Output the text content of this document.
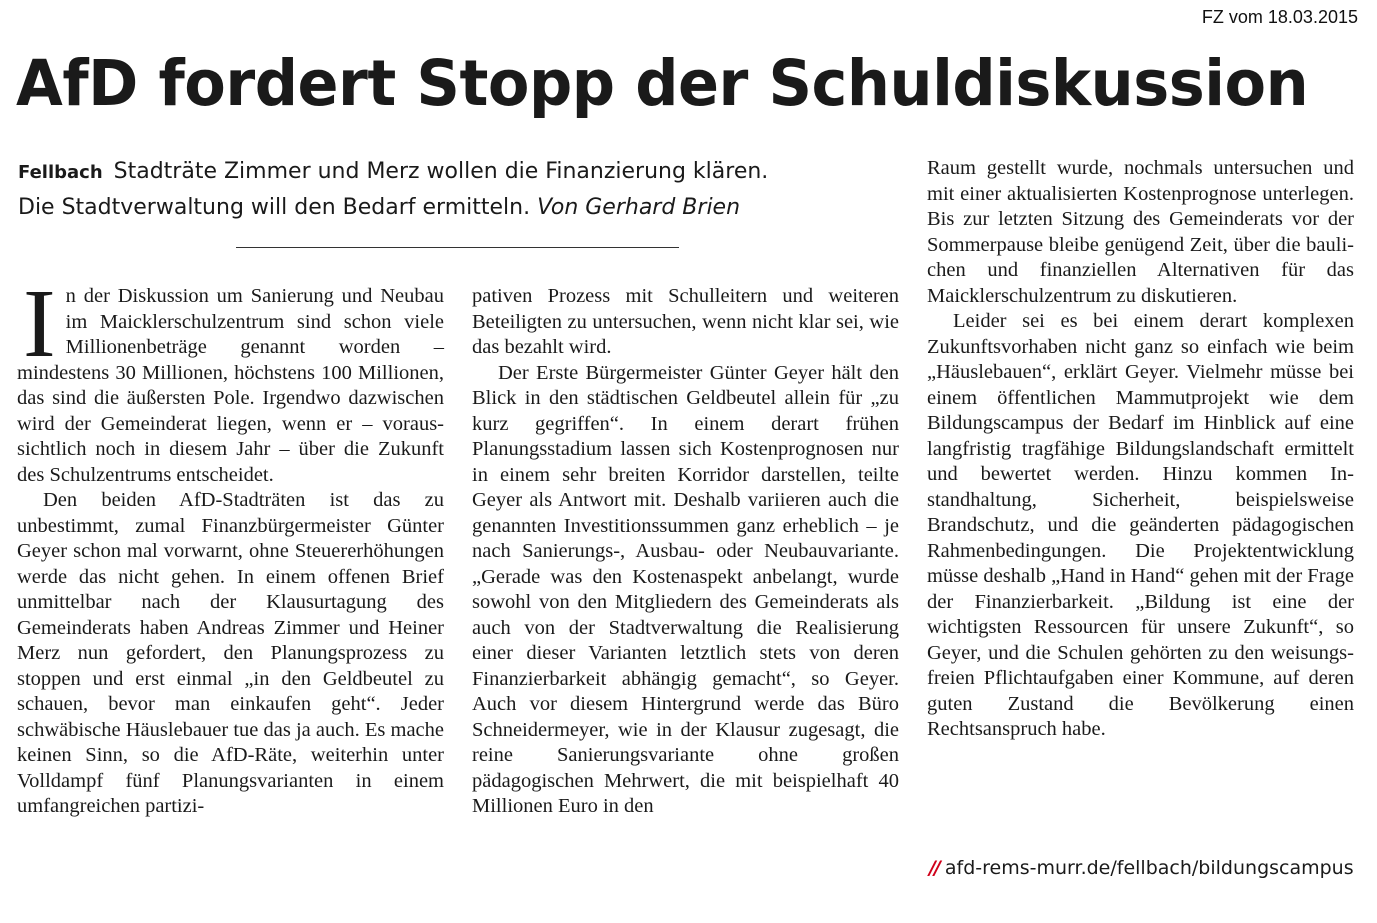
FZ vom 18.03.2015
AfD fordert Stopp der Schuldiskussion
Fellbach Stadträte Zimmer und Merz wollen die Finanzierung klären.
Die Stadtverwaltung will den Bedarf ermitteln. Von Gerhard Brien

In der Diskussion um Sanierung und Neubau im Maicklerschulzentrum sind schon viele Millionenbeträge genannt worden – mindestens 30 Millionen, höchstens 100 Millionen, das sind die äußersten Pole. Irgendwo dazwischen wird der Gemeinderat liegen, wenn er – voraussichtlich noch in diesem Jahr – über die Zukunft des Schulzentrums entscheidet.

Den beiden AfD-Stadträten ist das zu unbestimmt, zumal Finanzbürgermeister Günter Geyer schon mal vorwarnt, ohne Steuererhöhungen werde das nicht gehen. In einem offenen Brief unmittelbar nach der Klausurtagung des Gemeinderats haben Andreas Zimmer und Heiner Merz nun gefordert, den Planungsprozess zu stoppen und erst einmal „in den Geldbeutel zu schauen, bevor man einkaufen geht“. Jeder schwäbische Häuslebauer tue das ja auch. Es mache keinen Sinn, so die AfD-Räte, weiterhin unter Volldampf fünf Planungsvarianten in einem umfangreichen partizi-

pativen Prozess mit Schulleitern und weiteren Beteiligten zu untersuchen, wenn nicht klar sei, wie das bezahlt wird.

Der Erste Bürgermeister Günter Geyer hält den Blick in den städtischen Geldbeutel allein für „zu kurz gegriffen“. In einem derart frühen Planungsstadium lassen sich Kostenprognosen nur in einem sehr breiten Korridor darstellen, teilte Geyer als Antwort mit. Deshalb variieren auch die genannten Investitionssummen ganz erheblich – je nach Sanierungs-, Ausbau- oder Neubauvariante. „Gerade was den Kostenaspekt anbelangt, wurde sowohl von den Mitgliedern des Gemeinderats als auch von der Stadtverwaltung die Realisierung einer dieser Varianten letztlich stets von deren Finanzierbarkeit abhängig gemacht“, so Geyer. Auch vor diesem Hintergrund werde das Büro Schneidermeyer, wie in der Klausur zugesagt, die reine Sanierungsvariante ohne großen pädagogischen Mehrwert, die mit beispielhaft 40 Millionen Euro in den

Raum gestellt wurde, nochmals untersuchen und mit einer aktualisierten Kostenprognose unterlegen. Bis zur letzten Sitzung des Gemeinderats vor der Sommerpause bleibe genügend Zeit, über die baulichen und finanziellen Alternativen für das Maicklerschulzentrum zu diskutieren.

Leider sei es bei einem derart komplexen Zukunftsvorhaben nicht ganz so einfach wie beim „Häuslebauen“, erklärt Geyer. Vielmehr müsse bei einem öffentlichen Mammutprojekt wie dem Bildungscampus der Bedarf im Hinblick auf eine langfristig tragfähige Bildungslandschaft ermittelt und bewertet werden. Hinzu kommen Instandhaltung, Sicherheit, beispielsweise Brandschutz, und die geänderten pädagogischen Rahmenbedingungen. Die Projektentwicklung müsse deshalb „Hand in Hand“ gehen mit der Frage der Finanzierbarkeit. „Bildung ist eine der wichtigsten Ressourcen für unsere Zukunft“, so Geyer, und die Schulen gehörten zu den weisungsfreien Pflichtaufgaben einer Kommune, auf deren guten Zustand die Bevölkerung einen Rechtsanspruch habe.

// afd-rems-murr.de/fellbach/bildungscampus
